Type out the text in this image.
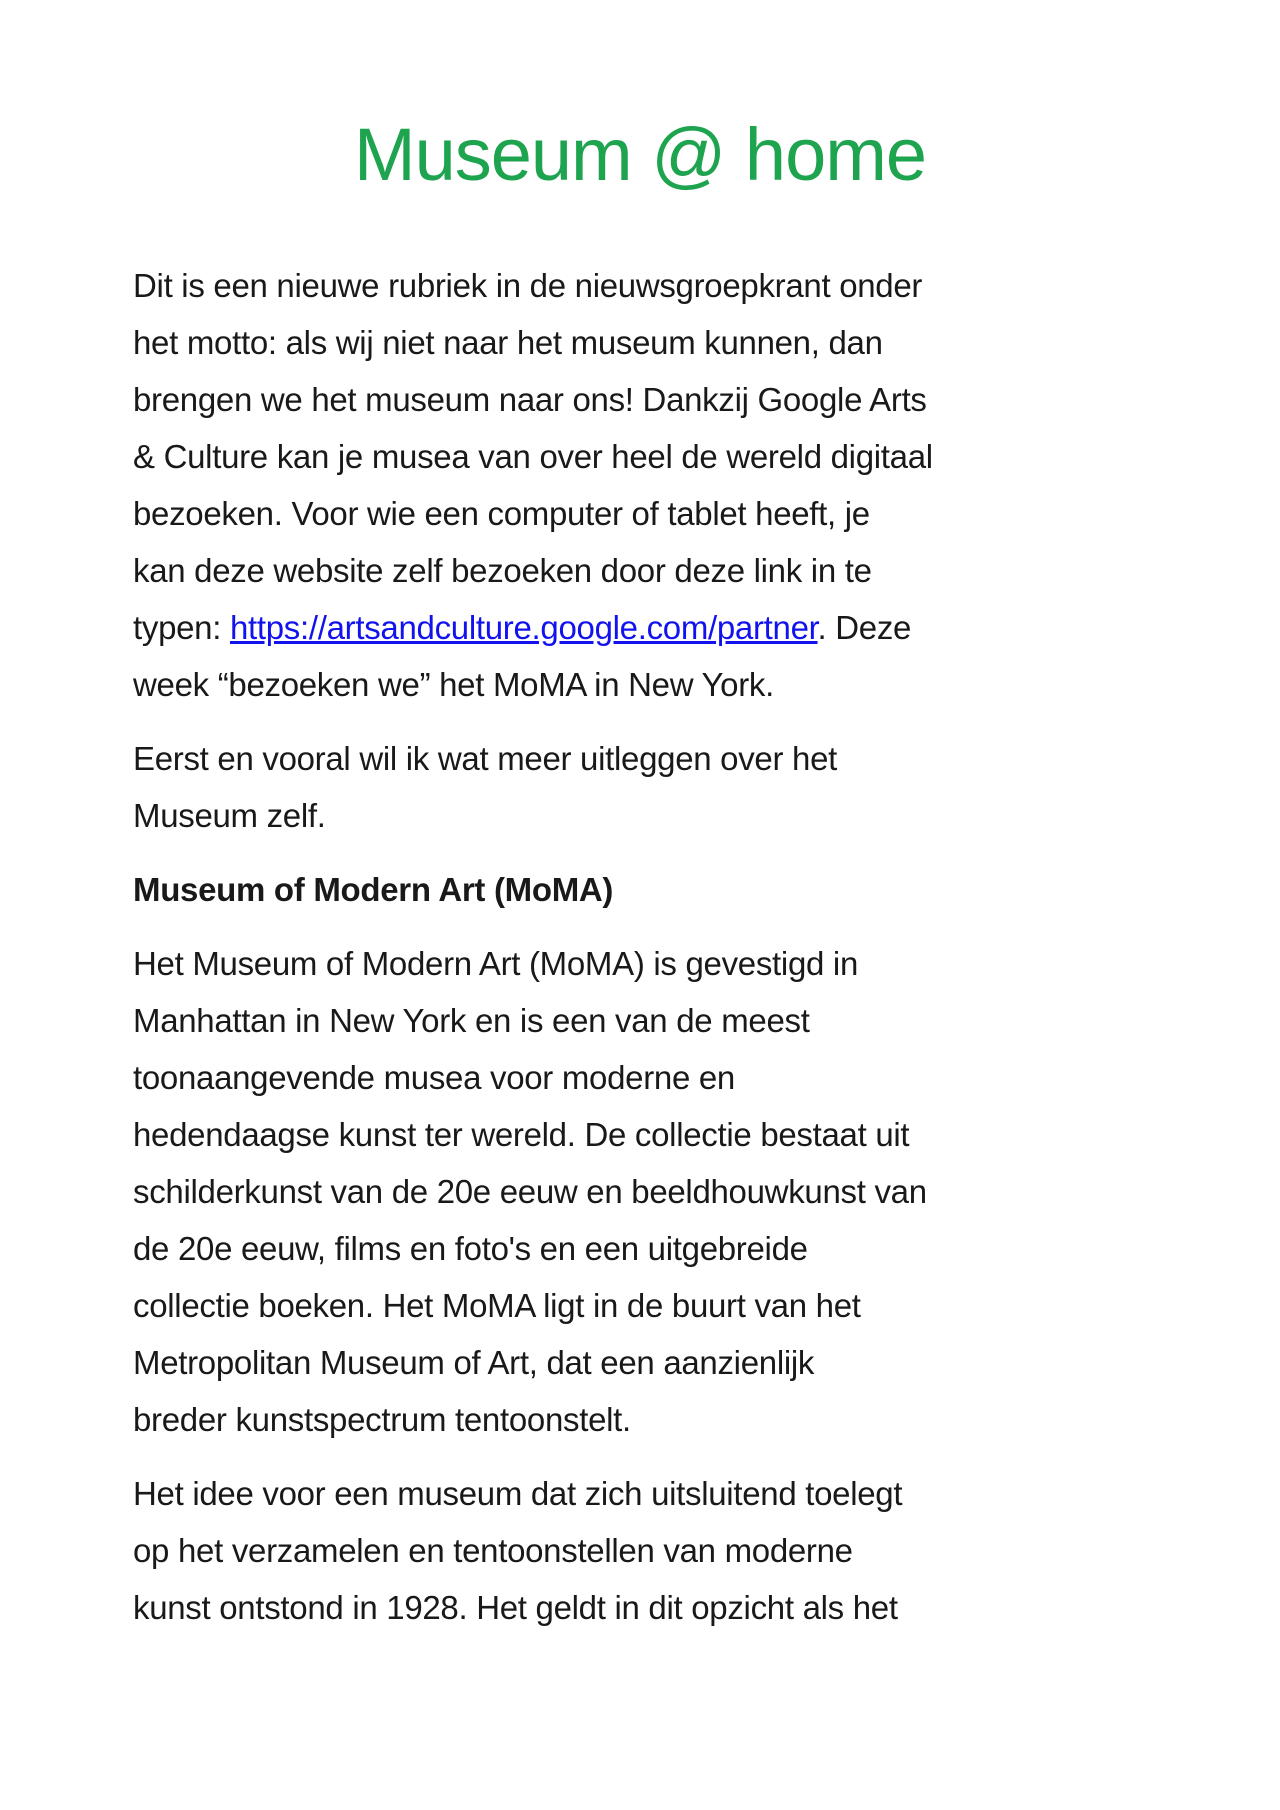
Museum @ home
Dit is een nieuwe rubriek in de nieuwsgroepkrant onder
het motto: als wij niet naar het museum kunnen, dan
brengen we het museum naar ons! Dankzij Google Arts
& Culture kan je musea van over heel de wereld digitaal
bezoeken. Voor wie een computer of tablet heeft, je
kan deze website zelf bezoeken door deze link in te
typen: https://artsandculture.google.com/partner. Deze
week “bezoeken we” het MoMA in New York.
Eerst en vooral wil ik wat meer uitleggen over het
Museum zelf.
Museum of Modern Art (MoMA)
Het Museum of Modern Art (MoMA) is gevestigd in
Manhattan in New York en is een van de meest
toonaangevende musea voor moderne en
hedendaagse kunst ter wereld. De collectie bestaat uit
schilderkunst van de 20e eeuw en beeldhouwkunst van
de 20e eeuw, films en foto's en een uitgebreide
collectie boeken. Het MoMA ligt in de buurt van het
Metropolitan Museum of Art, dat een aanzienlijk
breder kunstspectrum tentoonstelt.
Het idee voor een museum dat zich uitsluitend toelegt
op het verzamelen en tentoonstellen van moderne
kunst ontstond in 1928. Het geldt in dit opzicht als het
